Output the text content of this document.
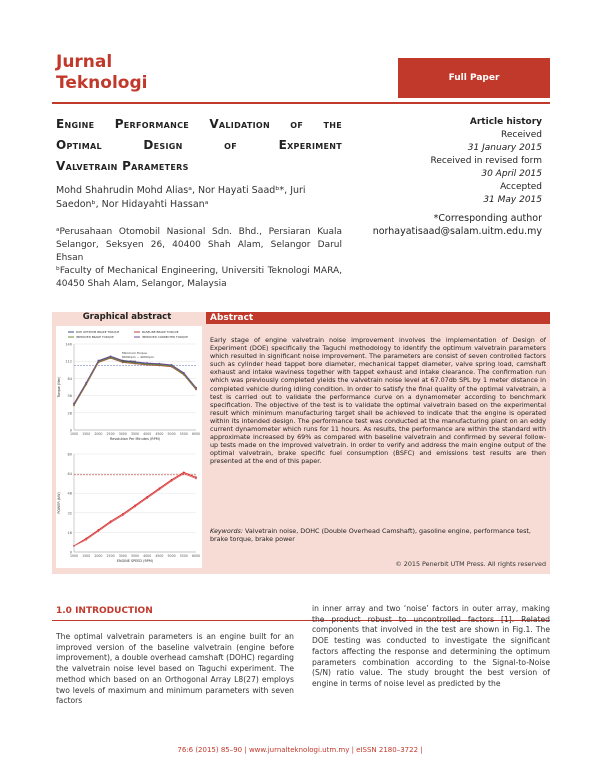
Jurnal
Teknologi	Full Paper
Engine Performance Validation of the
Optimal Design of Experiment
Valvetrain Parameters
Article history
Received
31 January 2015
Received in revised form
30 April 2015
Accepted
31 May 2015
Mohd Shahrudin Mohd Aliasᵃ, Nor Hayati Saadᵇ*, Juri
Saedonᵇ, Nor Hidayahti Hassanᵃ
*Corresponding author
norhayatisaad@salam.uitm.edu.my
ᵃPerusahaan Otomobil Nasional Sdn. Bhd., Persiaran Kuala Selangor, Seksyen 26, 40400 Shah Alam, Selangor Darul Ehsan
ᵇFaculty of Mechanical Engineering, Universiti Teknologi MARA, 40450 Shah Alam, Selangor, Malaysia
Graphical abstract	Abstract
DOE OPTIMUM BRAKE TORQUE	BASELINE BRAKE TORQUE
IMPROVED BRAKE TORQUE	IMPROVED CORRECTED TORQUE
0
28
56
84
112
140
1000 1500 2000 2500 3000 3500 4000 4500 5000 5500 6000
Revolution Per Minutes (RPM)
Torque (Nm)
Minimum Torque
8000rpm ~ 4000rpm
(Min Nm)
0
16
32
48
64
80
1000 1500 2000 2500 3000 3500 4000 4500 5000 5500 6000
ENGINE SPEED (RPM)
POWER (kW)
Early stage of engine valvetrain noise improvement involves the implementation of Design of Experiment (DOE) specifically the Taguchi methodology to identify the optimum valvetrain parameters which resulted in significant noise improvement. The parameters are consist of seven controlled factors such as cylinder head tappet bore diameter, mechanical tappet diameter, valve spring load, camshaft exhaust and intake waviness together with tappet exhaust and intake clearance. The confirmation run which was previously completed yields the valvetrain noise level at 67.07db SPL by 1 meter distance in completed vehicle during idling condition. In order to satisfy the final quality of the optimal valvetrain, a test is carried out to validate the performance curve on a dynamometer according to benchmark specification. The objective of the test is to validate the optimal valvetrain based on the experimental result which minimum manufacturing target shall be achieved to indicate that the engine is operated within its intended design. The performance test was conducted at the manufacturing plant on an eddy current dynamometer which runs for 11 hours. As results, the performance are within the standard with approximate increased by 69% as compared with baseline valvetrain and confirmed by several follow-up tests made on the improved valvetrain. In order to verify and address the main engine output of the optimal valvetrain, brake specific fuel consumption (BSFC) and emissions test results are then presented at the end of this paper.
Keywords: Valvetrain noise, DOHC (Double Overhead Camshaft), gasoline engine, performance test, brake torque, brake power
© 2015 Penerbit UTM Press. All rights reserved
1.0 INTRODUCTION
The optimal valvetrain parameters is an engine built for an improved version of the baseline valvetrain (engine before improvement), a double overhead camshaft (DOHC) regarding the valvetrain noise level based on Taguchi experiment. The method which based on an Orthogonal Array L8(27) employs two levels of maximum and minimum parameters with seven factors
in inner array and two ‘noise’ factors in outer array, making the product robust to uncontrolled factors [1]. Related components that involved in the test are shown in Fig.1. The DOE testing was conducted to investigate the significant factors affecting the response and determining the optimum parameters combination according to the Signal-to-Noise (S/N) ratio value. The study brought the best version of engine in terms of noise level as predicted by the
76:6 (2015) 85–90 | www.jurnalteknologi.utm.my | eISSN 2180–3722 |
